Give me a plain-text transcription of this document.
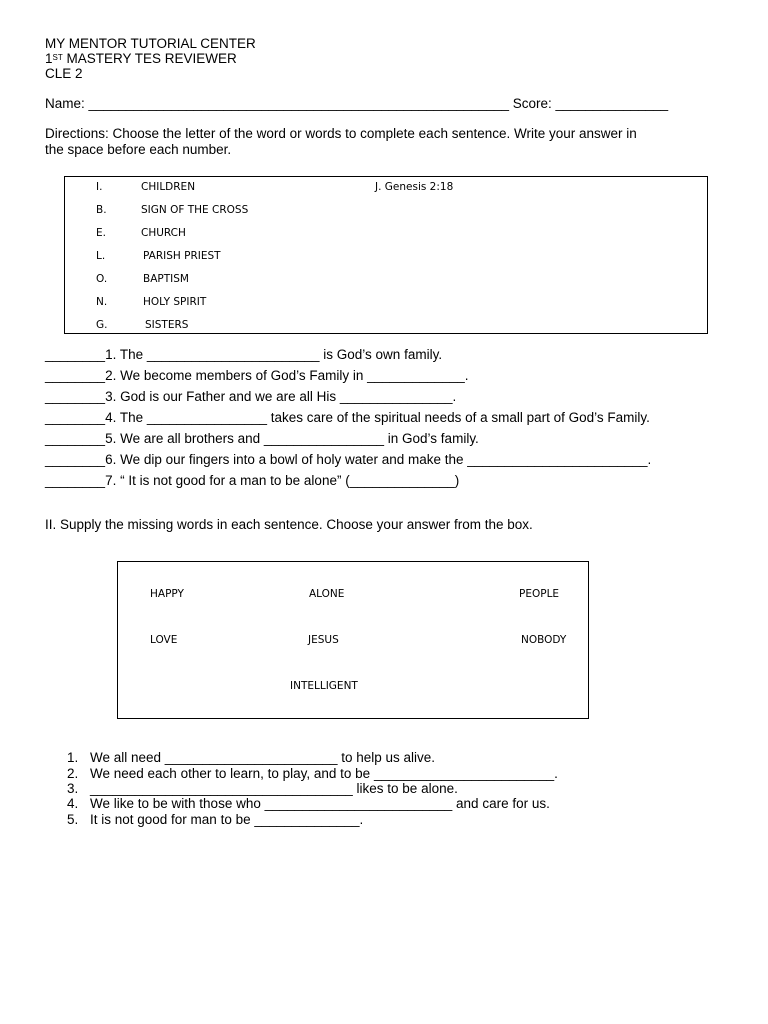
MY MENTOR TUTORIAL CENTER
1ST MASTERY TES REVIEWER
CLE 2
Name: ________________________________________________________ Score: _______________
Directions: Choose the letter of the word or words to complete each sentence. Write your answer in
the space before each number.
J. Genesis 2:18
I.	CHILDREN
B.	SIGN OF THE CROSS
E.	CHURCH
L.	PARISH PRIEST
O.	BAPTISM
N.	HOLY SPIRIT
G.	SISTERS
________1. The _______________________ is God’s own family.
________2. We become members of God’s Family in _____________.
________3. God is our Father and we are all His _______________.
________4. The ________________ takes care of the spiritual needs of a small part of God’s Family.
________5. We are all brothers and ________________ in God’s family.
________6. We dip our fingers into a bowl of holy water and make the ________________________.
________7. “ It is not good for a man to be alone” (______________)
II. Supply the missing words in each sentence. Choose your answer from the box.
HAPPY	ALONE	PEOPLE
LOVE	JESUS	NOBODY
INTELLIGENT
1. We all need _______________________ to help us alive.
2. We need each other to learn, to play, and to be ________________________.
3. ___________________________________ likes to be alone.
4. We like to be with those who _________________________ and care for us.
5. It is not good for man to be ______________.
